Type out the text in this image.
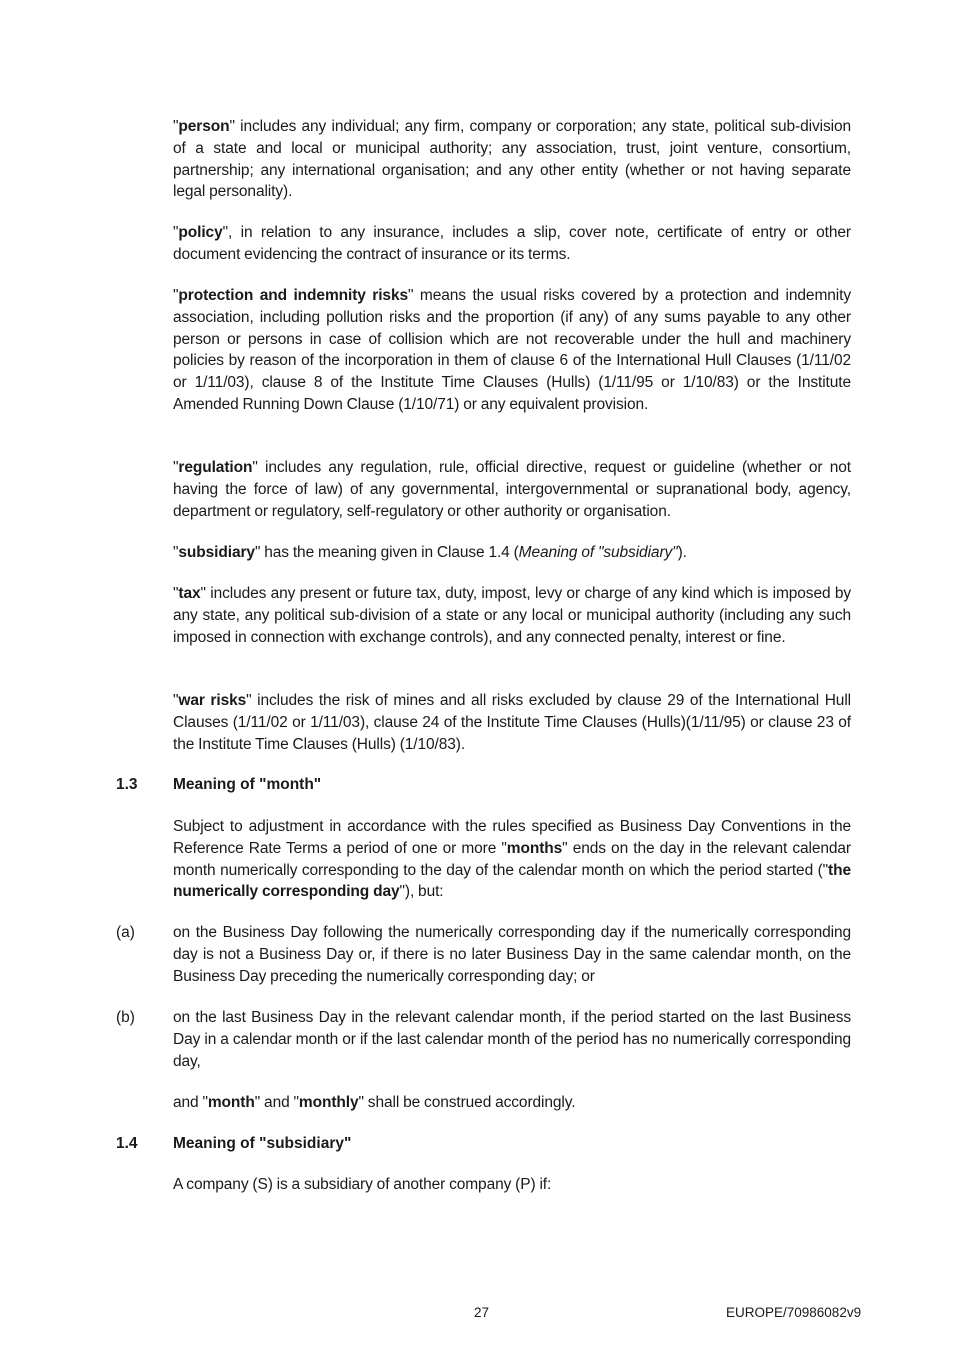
"person" includes any individual; any firm, company or corporation; any state, political sub-division of a state and local or municipal authority; any association, trust, joint venture, consortium, partnership; any international organisation; and any other entity (whether or not having separate legal personality).

"policy", in relation to any insurance, includes a slip, cover note, certificate of entry or other document evidencing the contract of insurance or its terms.

"protection and indemnity risks" means the usual risks covered by a protection and indemnity association, including pollution risks and the proportion (if any) of any sums payable to any other person or persons in case of collision which are not recoverable under the hull and machinery policies by reason of the incorporation in them of clause 6 of the International Hull Clauses (1/11/02 or 1/11/03), clause 8 of the Institute Time Clauses (Hulls) (1/11/95 or 1/10/83) or the Institute Amended Running Down Clause (1/10/71) or any equivalent provision.

"regulation" includes any regulation, rule, official directive, request or guideline (whether or not having the force of law) of any governmental, intergovernmental or supranational body, agency, department or regulatory, self-regulatory or other authority or organisation.

"subsidiary" has the meaning given in Clause 1.4 (Meaning of "subsidiary").

"tax" includes any present or future tax, duty, impost, levy or charge of any kind which is imposed by any state, any political sub-division of a state or any local or municipal authority (including any such imposed in connection with exchange controls), and any connected penalty, interest or fine.

"war risks" includes the risk of mines and all risks excluded by clause 29 of the International Hull Clauses (1/11/02 or 1/11/03), clause 24 of the Institute Time Clauses (Hulls)(1/11/95) or clause 23 of the Institute Time Clauses (Hulls) (1/10/83).

1.3 Meaning of "month"

Subject to adjustment in accordance with the rules specified as Business Day Conventions in the Reference Rate Terms a period of one or more "months" ends on the day in the relevant calendar month numerically corresponding to the day of the calendar month on which the period started ("the numerically corresponding day"), but:

(a) on the Business Day following the numerically corresponding day if the numerically corresponding day is not a Business Day or, if there is no later Business Day in the same calendar month, on the Business Day preceding the numerically corresponding day; or

(b) on the last Business Day in the relevant calendar month, if the period started on the last Business Day in a calendar month or if the last calendar month of the period has no numerically corresponding day,

and "month" and "monthly" shall be construed accordingly.

1.4 Meaning of "subsidiary"

A company (S) is a subsidiary of another company (P) if:

27	EUROPE/70986082v9
